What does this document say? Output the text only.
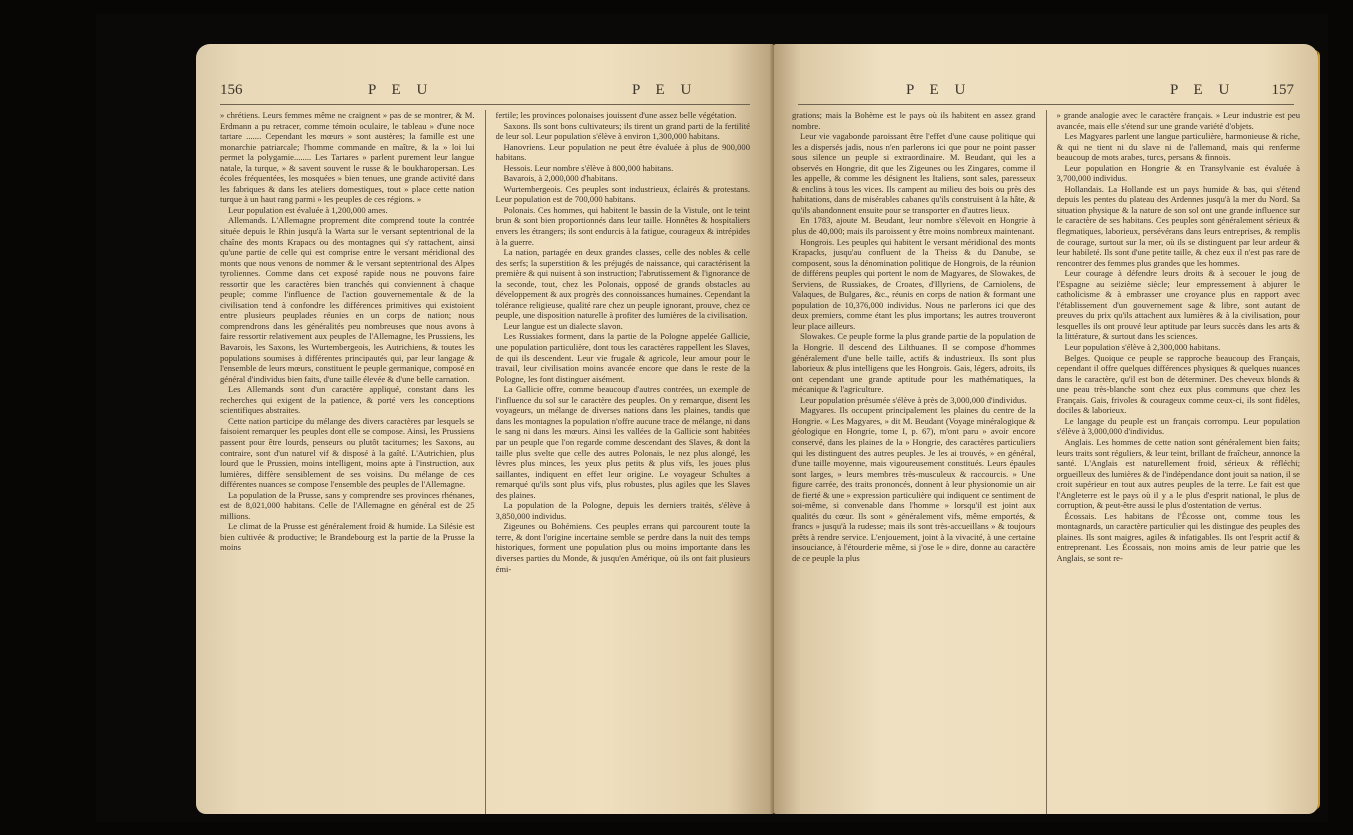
156	P E U	P E U

» chrétiens. Leurs femmes même ne craignent » pas de se montrer, & M. Erdmann a pu retracer, comme témoin oculaire, le tableau » d'une noce tartare ....... Cependant les mœurs » sont austères; la famille est une monarchie patriarcale; l'homme commande en maître, & la » loi lui permet la polygamie........ Les Tartares » parlent purement leur langue natale, la turque, » & savent souvent le russe & le boukharopersan. Les écoles fréquentées, les mosquées » bien tenues, une grande activité dans les fabriques & dans les ateliers domestiques, tout » place cette nation turque à un haut rang parmi » les peuples de ces régions. »

Leur population est évaluée à 1,200,000 ames.

Allemands. L'Allemagne proprement dite comprend toute la contrée située depuis le Rhin jusqu'à la Warta sur le versant septentrional de la chaîne des monts Krapacs ou des montagnes qui s'y rattachent, ainsi qu'une partie de celle qui est comprise entre le versant méridional des monts que nous venons de nommer & le versant septentrional des Alpes tyroliennes. Comme dans cet exposé rapide nous ne pouvons faire ressortir que les caractères bien tranchés qui conviennent à chaque peuple; comme l'influence de l'action gouvernementale & de la civilisation tend à confondre les différences primitives qui existoient entre plusieurs peuplades réunies en un corps de nation; nous comprendrons dans les généralités peu nombreuses que nous avons à faire ressortir relativement aux peuples de l'Allemagne, les Prussiens, les Bavarois, les Saxons, les Wurtembergeois, les Autrichiens, & toutes les populations soumises à différentes principautés qui, par leur langage & l'ensemble de leurs mœurs, constituent le peuple germanique, composé en général d'individus bien faits, d'une taille élevée & d'une belle carnation.

Les Allemands sont d'un caractère appliqué, constant dans les recherches qui exigent de la patience, & porté vers les conceptions scientifiques abstraites.

Cette nation participe du mélange des divers caractères par lesquels se faisoient remarquer les peuples dont elle se compose. Ainsi, les Prussiens passent pour être lourds, penseurs ou plutôt taciturnes; les Saxons, au contraire, sont d'un naturel vif & disposé à la gaîté. L'Autrichien, plus lourd que le Prussien, moins intelligent, moins apte à l'instruction, aux lumières, diffère sensiblement de ses voisins. Du mélange de ces différentes nuances se compose l'ensemble des peuples de l'Allemagne.

La population de la Prusse, sans y comprendre ses provinces rhénanes, est de 8,021,000 habitans. Celle de l'Allemagne en général est de 25 millions.

Le climat de la Prusse est généralement froid & humide. La Silésie est bien cultivée & productive; le Brandebourg est la partie de la Prusse la moins

fertile; les provinces polonaises jouissent d'une assez belle végétation.

Saxons. Ils sont bons cultivateurs; ils tirent un grand parti de la fertilité de leur sol. Leur population s'élève à environ 1,300,000 habitans.

Hanovriens. Leur population ne peut être évaluée à plus de 900,000 habitans.

Hessois. Leur nombre s'élève à 800,000 habitans.

Bavarois, à 2,000,000 d'habitans.

Wurtembergeois. Ces peuples sont industrieux, éclairés & protestans. Leur population est de 700,000 habitans.

Polonais. Ces hommes, qui habitent le bassin de la Vistule, ont le teint brun & sont bien proportionnés dans leur taille. Honnêtes & hospitaliers envers les étrangers; ils sont endurcis à la fatigue, courageux & intrépides à la guerre.

La nation, partagée en deux grandes classes, celle des nobles & celle des serfs; la superstition & les préjugés de naissance, qui caractérisent la première & qui nuisent à son instruction; l'abrutissement & l'ignorance de la seconde, tout, chez les Polonais, opposé de grands obstacles au développement & aux progrès des connoissances humaines. Cependant la tolérance religieuse, qualité rare chez un peuple ignorant, prouve, chez ce peuple, une disposition naturelle à profiter des lumières de la civilisation.

Leur langue est un dialecte slavon.

Les Russiakes forment, dans la partie de la Pologne appelée Gallicie, une population particulière, dont tous les caractères rappellent les Slaves, de qui ils descendent. Leur vie frugale & agricole, leur amour pour le travail, leur civilisation moins avancée encore que dans le reste de la Pologne, les font distinguer aisément.

La Gallicie offre, comme beaucoup d'autres contrées, un exemple de l'influence du sol sur le caractère des peuples. On y remarque, disent les voyageurs, un mélange de diverses nations dans les plaines, tandis que dans les montagnes la population n'offre aucune trace de mélange, ni dans le sang ni dans les mœurs. Ainsi les vallées de la Gallicie sont habitées par un peuple que l'on regarde comme descendant des Slaves, & dont la taille plus svelte que celle des autres Polonais, le nez plus alongé, les lèvres plus minces, les yeux plus petits & plus vifs, les joues plus saillantes, indiquent en effet leur origine. Le voyageur Schultes a remarqué qu'ils sont plus vifs, plus robustes, plus agiles que les Slaves des plaines.

La population de la Pologne, depuis les derniers traités, s'élève à 3,850,000 individus.

Zigeunes ou Bohémiens. Ces peuples errans qui parcourent toute la terre, & dont l'origine incertaine semble se perdre dans la nuit des temps historiques, forment une population plus ou moins importante dans les diverses parties du Monde, & jusqu'en Amérique, où ils ont fait plusieurs émi-

P E U	P E U 157

grations; mais la Bohème est le pays où ils habitent en assez grand nombre.

Leur vie vagabonde paroissant être l'effet d'une cause politique qui les a dispersés jadis, nous n'en parlerons ici que pour ne point passer sous silence un peuple si extraordinaire. M. Beudant, qui les a observés en Hongrie, dit que les Zigeunes ou les Zingares, comme il les appelle, & comme les désignent les Italiens, sont sales, paresseux & enclins à tous les vices. Ils campent au milieu des bois ou près des habitations, dans de misérables cabanes qu'ils construisent à la hâte, & qu'ils abandonnent ensuite pour se transporter en d'autres lieux.

En 1783, ajoute M. Beudant, leur nombre s'élevoit en Hongrie à plus de 40,000; mais ils paroissent y être moins nombreux maintenant.

Hongrois. Les peuples qui habitent le versant méridional des monts Krapacks, jusqu'au confluent de la Theiss & du Danube, se composent, sous la dénomination politique de Hongrois, de la réunion de différens peuples qui portent le nom de Magyares, de Slowakes, de Serviens, de Russiakes, de Croates, d'Illyriens, de Carniolens, de Valaques, de Bulgares, &c., réunis en corps de nation & formant une population de 10,376,000 individus. Nous ne parlerons ici que des deux premiers, comme étant les plus importans; les autres trouveront leur place ailleurs.

Slowakes. Ce peuple forme la plus grande partie de la population de la Hongrie. Il descend des Lilthuanes. Il se compose d'hommes généralement d'une belle taille, actifs & industrieux. Ils sont plus laborieux & plus intelligens que les Hongrois. Gais, légers, adroits, ils ont cependant une grande aptitude pour les mathématiques, la mécanique & l'agriculture.

Leur population présumée s'élève à près de 3,000,000 d'individus.

Magyares. Ils occupent principalement les plaines du centre de la Hongrie. « Les Magyares, » dit M. Beudant (Voyage minéralogique & géologique en Hongrie, tome I, p. 67), m'ont paru » avoir encore conservé, dans les plaines de la » Hongrie, des caractères particuliers qui les distinguent des autres peuples. Je les ai trouvés, » en général, d'une taille moyenne, mais vigoureusement constitués. Leurs épaules sont larges, » leurs membres très-musculeux & raccourcis. » Une figure carrée, des traits prononcés, donnent à leur physionomie un air de fierté & une » expression particulière qui indiquent ce sentiment de soi-même, si convenable dans l'homme » lorsqu'il est joint aux qualités du cœur. Ils sont » généralement vifs, même emportés, & francs » jusqu'à la rudesse; mais ils sont très-accueillans » & toujours prêts à rendre service. L'enjouement, joint à la vivacité, à une certaine insouciance, à l'étourderie même, si j'ose le » dire, donne au caractère de ce peuple la plus

» grande analogie avec le caractère français. » Leur industrie est peu avancée, mais elle s'étend sur une grande variété d'objets.

Les Magyares parlent une langue particulière, harmonieuse & riche, & qui ne tient ni du slave ni de l'allemand, mais qui renferme beaucoup de mots arabes, turcs, persans & finnois.

Leur population en Hongrie & en Transylvanie est évaluée à 3,700,000 individus.

Hollandais. La Hollande est un pays humide & bas, qui s'étend depuis les pentes du plateau des Ardennes jusqu'à la mer du Nord. Sa situation physique & la nature de son sol ont une grande influence sur le caractère de ses habitans. Ces peuples sont généralement sérieux & flegmatiques, laborieux, persévérans dans leurs entreprises, & remplis de courage, surtout sur la mer, où ils se distinguent par leur ardeur & leur habileté. Ils sont d'une petite taille, & chez eux il n'est pas rare de rencontrer des femmes plus grandes que les hommes.

Leur courage à défendre leurs droits & à secouer le joug de l'Espagne au seizième siècle; leur empressement à abjurer le catholicisme & à embrasser une croyance plus en rapport avec l'établissement d'un gouvernement sage & libre, sont autant de preuves du prix qu'ils attachent aux lumières & à la civilisation, pour lesquelles ils ont prouvé leur aptitude par leurs succès dans les arts & la littérature, & surtout dans les sciences.

Leur population s'élève à 2,300,000 habitans.

Belges. Quoique ce peuple se rapproche beaucoup des Français, cependant il offre quelques différences physiques & quelques nuances dans le caractère, qu'il est bon de déterminer. Des cheveux blonds & une peau très-blanche sont chez eux plus communs que chez les Français. Gais, frivoles & courageux comme ceux-ci, ils sont fidèles, dociles & laborieux.

Le langage du peuple est un français corrompu. Leur population s'élève à 3,000,000 d'individus.

Anglais. Les hommes de cette nation sont généralement bien faits; leurs traits sont réguliers, & leur teint, brillant de fraîcheur, annonce la santé. L'Anglais est naturellement froid, sérieux & réfléchi; orgueilleux des lumières & de l'indépendance dont jouit sa nation, il se croit supérieur en tout aux autres peuples de la terre. Le fait est que l'Angleterre est le pays où il y a le plus d'esprit national, le plus de corruption, & peut-être aussi le plus d'ostentation de vertus.

Écossais. Les habitans de l'Écosse ont, comme tous les montagnards, un caractère particulier qui les distingue des peuples des plaines. Ils sont maigres, agiles & infatigables. Ils ont l'esprit actif & entreprenant. Les Écossais, non moins amis de leur patrie que les Anglais, se sont re-
